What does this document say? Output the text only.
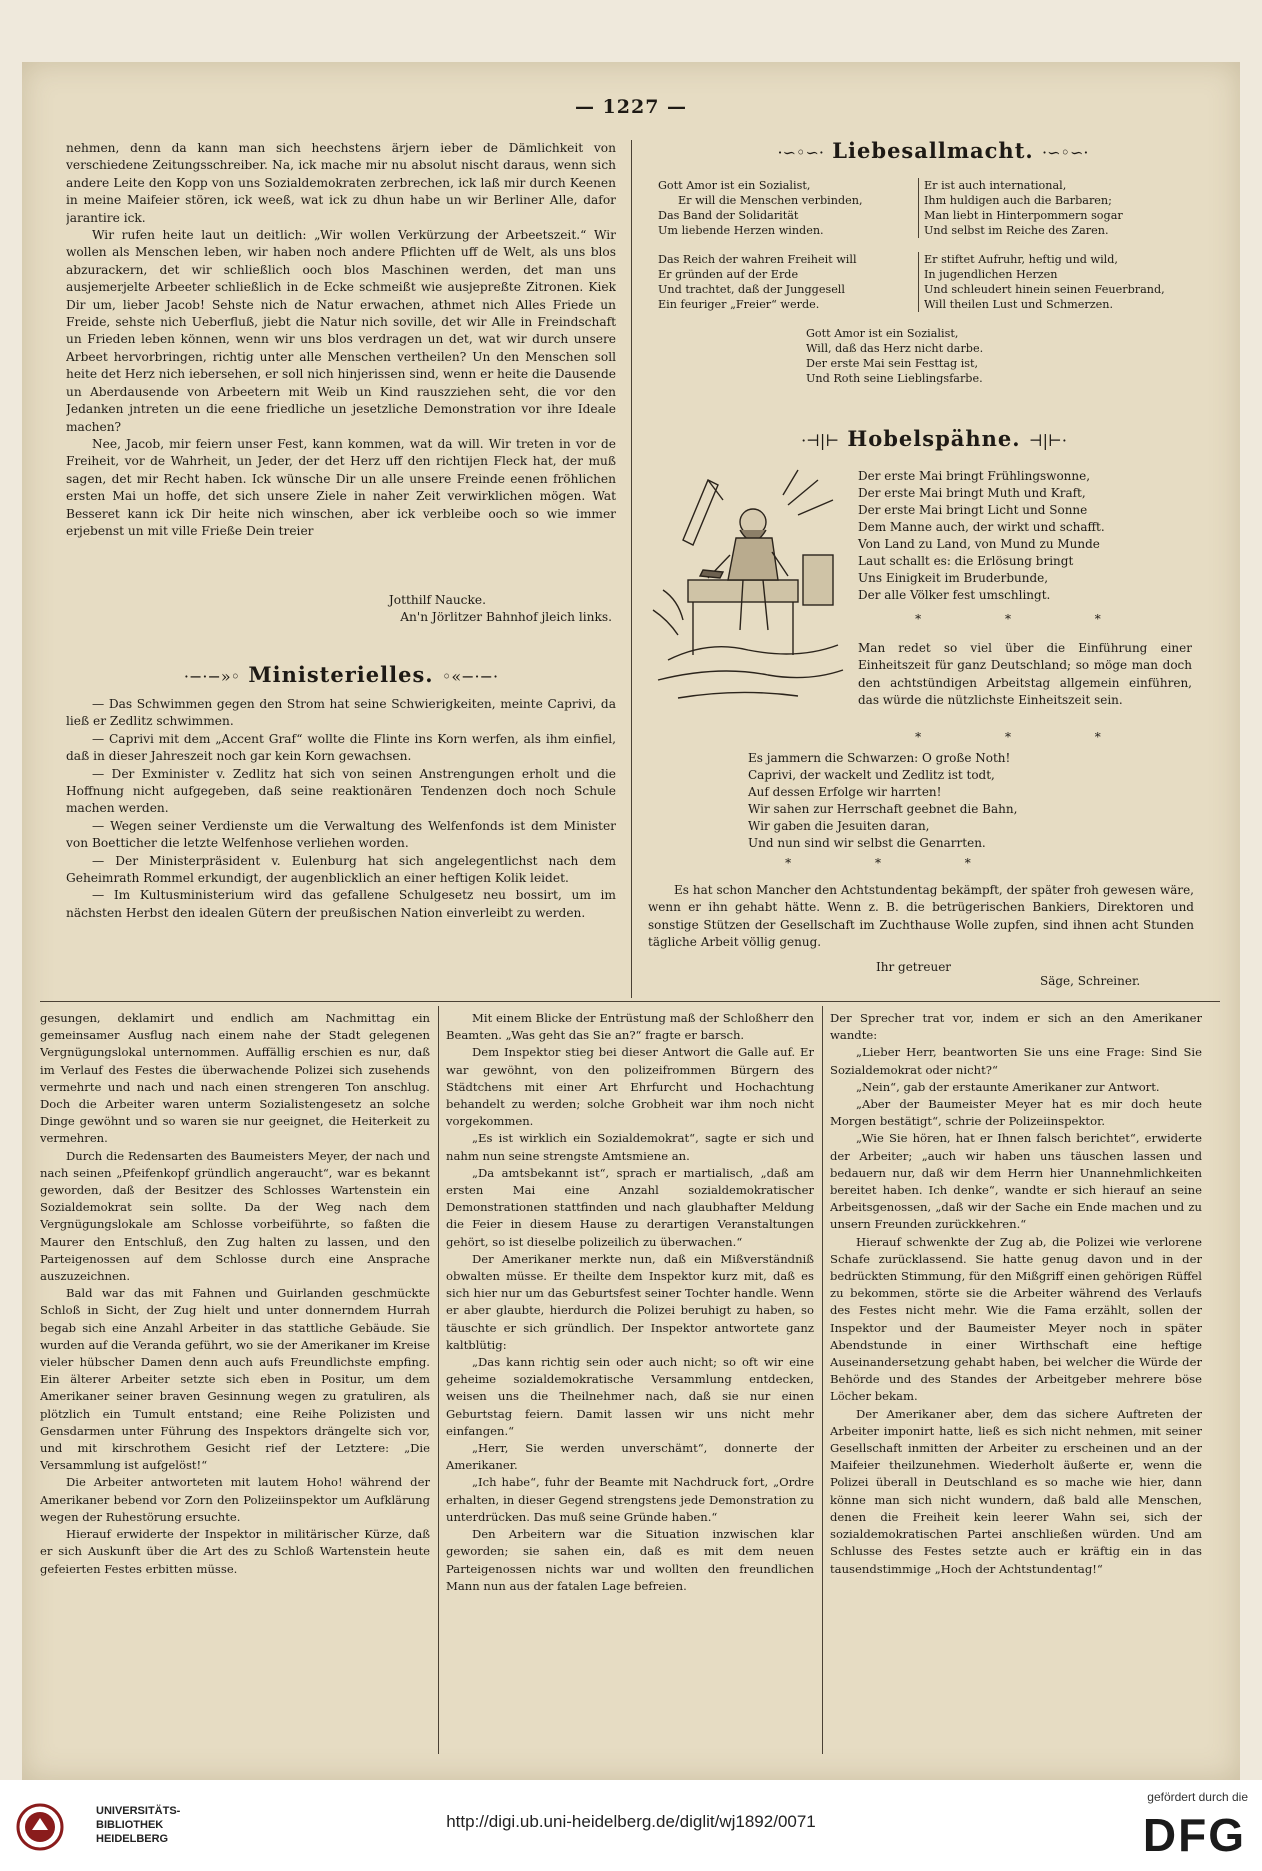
— 1227 —

nehmen, denn da kann man sich heechstens ärjern ieber de Dämlichkeit von verschiedene Zeitungsschreiber. Na, ick mache mir nu absolut nischt daraus, wenn sich andere Leite den Kopp von uns Sozialdemokraten zerbrechen, ick laß mir durch Keenen in meine Maifeier stören, ick weeß, wat ick zu dhun habe un wir Berliner Alle, dafor jarantire ick.

Wir rufen heite laut un deitlich: „Wir wollen Verkürzung der Arbeetszeit.“ Wir wollen als Menschen leben, wir haben noch andere Pflichten uff de Welt, als uns blos abzurackern, det wir schließlich ooch blos Maschinen werden, det man uns ausjemerjelte Arbeeter schließlich in de Ecke schmeißt wie ausjepreßte Zitronen. Kiek Dir um, lieber Jacob! Sehste nich de Natur erwachen, athmet nich Alles Friede un Freide, sehste nich Ueberfluß, jiebt die Natur nich soville, det wir Alle in Freindschaft un Frieden leben können, wenn wir uns blos verdragen un det, wat wir durch unsere Arbeet hervorbringen, richtig unter alle Menschen vertheilen? Un den Menschen soll heite det Herz nich iebersehen, er soll nich hinjerissen sind, wenn er heite die Dausende un Aberdausende von Arbeetern mit Weib un Kind rauszziehen seht, die vor den Jedanken jntreten un die eene friedliche un jesetzliche Demonstration vor ihre Ideale machen?

Nee, Jacob, mir feiern unser Fest, kann kommen, wat da will. Wir treten in vor de Freiheit, vor de Wahrheit, un Jeder, der det Herz uff den richtijen Fleck hat, der muß sagen, det mir Recht haben. Ick wünsche Dir un alle unsere Freinde eenen fröhlichen ersten Mai un hoffe, det sich unsere Ziele in naher Zeit verwirklichen mögen. Wat Besseret kann ick Dir heite nich winschen, aber ick verbleibe ooch so wie immer erjebenst un mit ville Frieße Dein treier

Jotthilf Naucke.
An'n Jörlitzer Bahnhof jleich links.
·−·−»◦ Ministerielles. ◦«−·−·

— Das Schwimmen gegen den Strom hat seine Schwierigkeiten, meinte Caprivi, da ließ er Zedlitz schwimmen.

— Caprivi mit dem „Accent Graf“ wollte die Flinte ins Korn werfen, als ihm einfiel, daß in dieser Jahreszeit noch gar kein Korn gewachsen.

— Der Exminister v. Zedlitz hat sich von seinen Anstrengungen erholt und die Hoffnung nicht aufgegeben, daß seine reaktionären Tendenzen doch noch Schule machen werden.

— Wegen seiner Verdienste um die Verwaltung des Welfenfonds ist dem Minister von Boetticher die letzte Welfenhose verliehen worden.

— Der Ministerpräsident v. Eulenburg hat sich angelegentlichst nach dem Geheimrath Rommel erkundigt, der augenblicklich an einer heftigen Kolik leidet.

— Im Kultusministerium wird das gefallene Schulgesetz neu bossirt, um im nächsten Herbst den idealen Gütern der preußischen Nation einverleibt zu werden.

·∽◦∽· Liebesallmacht. ·∽◦∽·
Gott Amor ist ein Sozialist,
Er will die Menschen verbinden,
Das Band der Solidarität
Um liebende Herzen winden.
Er ist auch international,
Ihm huldigen auch die Barbaren;
Man liebt in Hinterpommern sogar
Und selbst im Reiche des Zaren.
Das Reich der wahren Freiheit will
Er gründen auf der Erde
Und trachtet, daß der Junggesell
Ein feuriger „Freier“ werde.
Er stiftet Aufruhr, heftig und wild,
In jugendlichen Herzen
Und schleudert hinein seinen Feuerbrand,
Will theilen Lust und Schmerzen.
Gott Amor ist ein Sozialist,
Will, daß das Herz nicht darbe.
Der erste Mai sein Festtag ist,
Und Roth seine Lieblingsfarbe.
·⊣|⊢ Hobelspähne. ⊣|⊢·
Der erste Mai bringt Frühlingswonne,
Der erste Mai bringt Muth und Kraft,
Der erste Mai bringt Licht und Sonne
Dem Manne auch, der wirkt und schafft.
Von Land zu Land, von Mund zu Munde
Laut schallt es: die Erlösung bringt
Uns Einigkeit im Bruderbunde,
Der alle Völker fest umschlingt.
* * *
Man redet so viel über die Einführung einer Einheitszeit für ganz Deutschland; so möge man doch den achtstündigen Arbeitstag allgemein einführen, das würde die nützlichste Einheitszeit sein.
* * *
Es jammern die Schwarzen: O große Noth!
Caprivi, der wackelt und Zedlitz ist todt,
Auf dessen Erfolge wir harrten!
Wir sahen zur Herrschaft geebnet die Bahn,
Wir gaben die Jesuiten daran,
Und nun sind wir selbst die Genarrten.
* * *

Es hat schon Mancher den Achtstundentag bekämpft, der später froh gewesen wäre, wenn er ihn gehabt hätte. Wenn z. B. die betrügerischen Bankiers, Direktoren und sonstige Stützen der Gesellschaft im Zuchthause Wolle zupfen, sind ihnen acht Stunden tägliche Arbeit völlig genug.

Ihr getreuer
Säge, Schreiner.

gesungen, deklamirt und endlich am Nachmittag ein gemeinsamer Ausflug nach einem nahe der Stadt gelegenen Vergnügungslokal unternommen. Auffällig erschien es nur, daß im Verlauf des Festes die überwachende Polizei sich zusehends vermehrte und nach und nach einen strengeren Ton anschlug. Doch die Arbeiter waren unterm Sozialistengesetz an solche Dinge gewöhnt und so waren sie nur geeignet, die Heiterkeit zu vermehren.

Durch die Redensarten des Baumeisters Meyer, der nach und nach seinen „Pfeifenkopf gründlich angeraucht“, war es bekannt geworden, daß der Besitzer des Schlosses Wartenstein ein Sozialdemokrat sein sollte. Da der Weg nach dem Vergnügungslokale am Schlosse vorbeiführte, so faßten die Maurer den Entschluß, den Zug halten zu lassen, und den Parteigenossen auf dem Schlosse durch eine Ansprache auszuzeichnen.

Bald war das mit Fahnen und Guirlanden geschmückte Schloß in Sicht, der Zug hielt und unter donnerndem Hurrah begab sich eine Anzahl Arbeiter in das stattliche Gebäude. Sie wurden auf die Veranda geführt, wo sie der Amerikaner im Kreise vieler hübscher Damen denn auch aufs Freundlichste empfing. Ein älterer Arbeiter setzte sich eben in Positur, um dem Amerikaner seiner braven Gesinnung wegen zu gratuliren, als plötzlich ein Tumult entstand; eine Reihe Polizisten und Gensdarmen unter Führung des Inspektors drängelte sich vor, und mit kirschrothem Gesicht rief der Letztere: „Die Versammlung ist aufgelöst!“

Die Arbeiter antworteten mit lautem Hoho! während der Amerikaner bebend vor Zorn den Polizeiinspektor um Aufklärung wegen der Ruhestörung ersuchte.

Hierauf erwiderte der Inspektor in militärischer Kürze, daß er sich Auskunft über die Art des zu Schloß Wartenstein heute gefeierten Festes erbitten müsse.

Mit einem Blicke der Entrüstung maß der Schloßherr den Beamten. „Was geht das Sie an?“ fragte er barsch.

Dem Inspektor stieg bei dieser Antwort die Galle auf. Er war gewöhnt, von den polizeifrommen Bürgern des Städtchens mit einer Art Ehrfurcht und Hochachtung behandelt zu werden; solche Grobheit war ihm noch nicht vorgekommen.

„Es ist wirklich ein Sozialdemokrat“, sagte er sich und nahm nun seine strengste Amtsmiene an.

„Da amtsbekannt ist“, sprach er martialisch, „daß am ersten Mai eine Anzahl sozialdemokratischer Demonstrationen stattfinden und nach glaubhafter Meldung die Feier in diesem Hause zu derartigen Veranstaltungen gehört, so ist dieselbe polizeilich zu überwachen.“

Der Amerikaner merkte nun, daß ein Mißverständniß obwalten müsse. Er theilte dem Inspektor kurz mit, daß es sich hier nur um das Geburtsfest seiner Tochter handle. Wenn er aber glaubte, hierdurch die Polizei beruhigt zu haben, so täuschte er sich gründlich. Der Inspektor antwortete ganz kaltblütig:

„Das kann richtig sein oder auch nicht; so oft wir eine geheime sozialdemokratische Versammlung entdecken, weisen uns die Theilnehmer nach, daß sie nur einen Geburtstag feiern. Damit lassen wir uns nicht mehr einfangen.“

„Herr, Sie werden unverschämt“, donnerte der Amerikaner.

„Ich habe“, fuhr der Beamte mit Nachdruck fort, „Ordre erhalten, in dieser Gegend strengstens jede Demonstration zu unterdrücken. Das muß seine Gründe haben.“

Den Arbeitern war die Situation inzwischen klar geworden; sie sahen ein, daß es mit dem neuen Parteigenossen nichts war und wollten den freundlichen Mann nun aus der fatalen Lage befreien.

Der Sprecher trat vor, indem er sich an den Amerikaner wandte:

„Lieber Herr, beantworten Sie uns eine Frage: Sind Sie Sozialdemokrat oder nicht?“

„Nein“, gab der erstaunte Amerikaner zur Antwort.

„Aber der Baumeister Meyer hat es mir doch heute Morgen bestätigt“, schrie der Polizeiinspektor.

„Wie Sie hören, hat er Ihnen falsch berichtet“, erwiderte der Arbeiter; „auch wir haben uns täuschen lassen und bedauern nur, daß wir dem Herrn hier Unannehmlichkeiten bereitet haben. Ich denke“, wandte er sich hierauf an seine Arbeitsgenossen, „daß wir der Sache ein Ende machen und zu unsern Freunden zurückkehren.“

Hierauf schwenkte der Zug ab, die Polizei wie verlorene Schafe zurücklassend. Sie hatte genug davon und in der bedrückten Stimmung, für den Mißgriff einen gehörigen Rüffel zu bekommen, störte sie die Arbeiter während des Verlaufs des Festes nicht mehr. Wie die Fama erzählt, sollen der Inspektor und der Baumeister Meyer noch in später Abendstunde in einer Wirthschaft eine heftige Auseinandersetzung gehabt haben, bei welcher die Würde der Behörde und des Standes der Arbeitgeber mehrere böse Löcher bekam.

Der Amerikaner aber, dem das sichere Auftreten der Arbeiter imponirt hatte, ließ es sich nicht nehmen, mit seiner Gesellschaft inmitten der Arbeiter zu erscheinen und an der Maifeier theilzunehmen. Wiederholt äußerte er, wenn die Polizei überall in Deutschland es so mache wie hier, dann könne man sich nicht wundern, daß bald alle Menschen, denen die Freiheit kein leerer Wahn sei, sich der sozialdemokratischen Partei anschließen würden. Und am Schlusse des Festes setzte auch er kräftig ein in das tausendstimmige „Hoch der Achtstundentag!“

UNIVERSITÄTS-
BIBLIOTHEK
HEIDELBERG
http://digi.ub.uni-heidelberg.de/diglit/wj1892/0071
gefördert durch die
DFG
